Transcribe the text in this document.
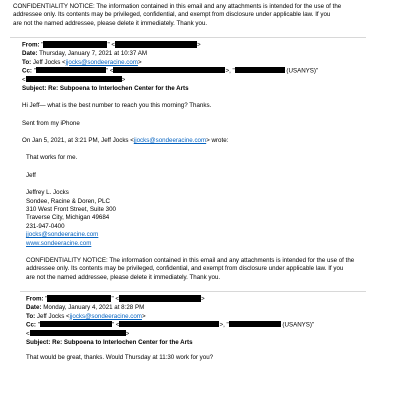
CONFIDENTIALITY NOTICE: The information contained in this email and any attachments is intended for the use of the
addressee only. Its contents may be privileged, confidential, and exempt from disclosure under applicable law. If you
are not the named addressee, please delete it immediately. Thank you.
From: "	" <	>
Date: Thursday, January 7, 2021 at 10:37 AM
To: Jeff Jocks <jjocks@sondeeracine.com>
Cc: "	" <	>, "	(USANYS)"
<	>
Subject: Re: Subpoena to Interlochen Center for the Arts
Hi Jeff— what is the best number to reach you this morning? Thanks.
Sent from my iPhone
On Jan 5, 2021, at 3:21 PM, Jeff Jocks <jjocks@sondeeracine.com> wrote:
That works for me.
Jeff
Jeffrey L. Jocks
Sondee, Racine & Doren, PLC
310 West Front Street, Suite 300
Traverse City, Michigan 49684
231-947-0400
jjocks@sondeeracine.com
www.sondeeracine.com
CONFIDENTIALITY NOTICE: The information contained in this email and any attachments is intended for the use of the
addressee only. Its contents may be privileged, confidential, and exempt from disclosure under applicable law. If you
are not the named addressee, please delete it immediately. Thank you.
From: "	" <	>
Date: Monday, January 4, 2021 at 8:28 PM
To: Jeff Jocks <jjocks@sondeeracine.com>
Cc: "	" <	>, "	(USANYS)"
<	>
Subject: Re: Subpoena to Interlochen Center for the Arts
That would be great, thanks. Would Thursday at 11:30 work for you?
